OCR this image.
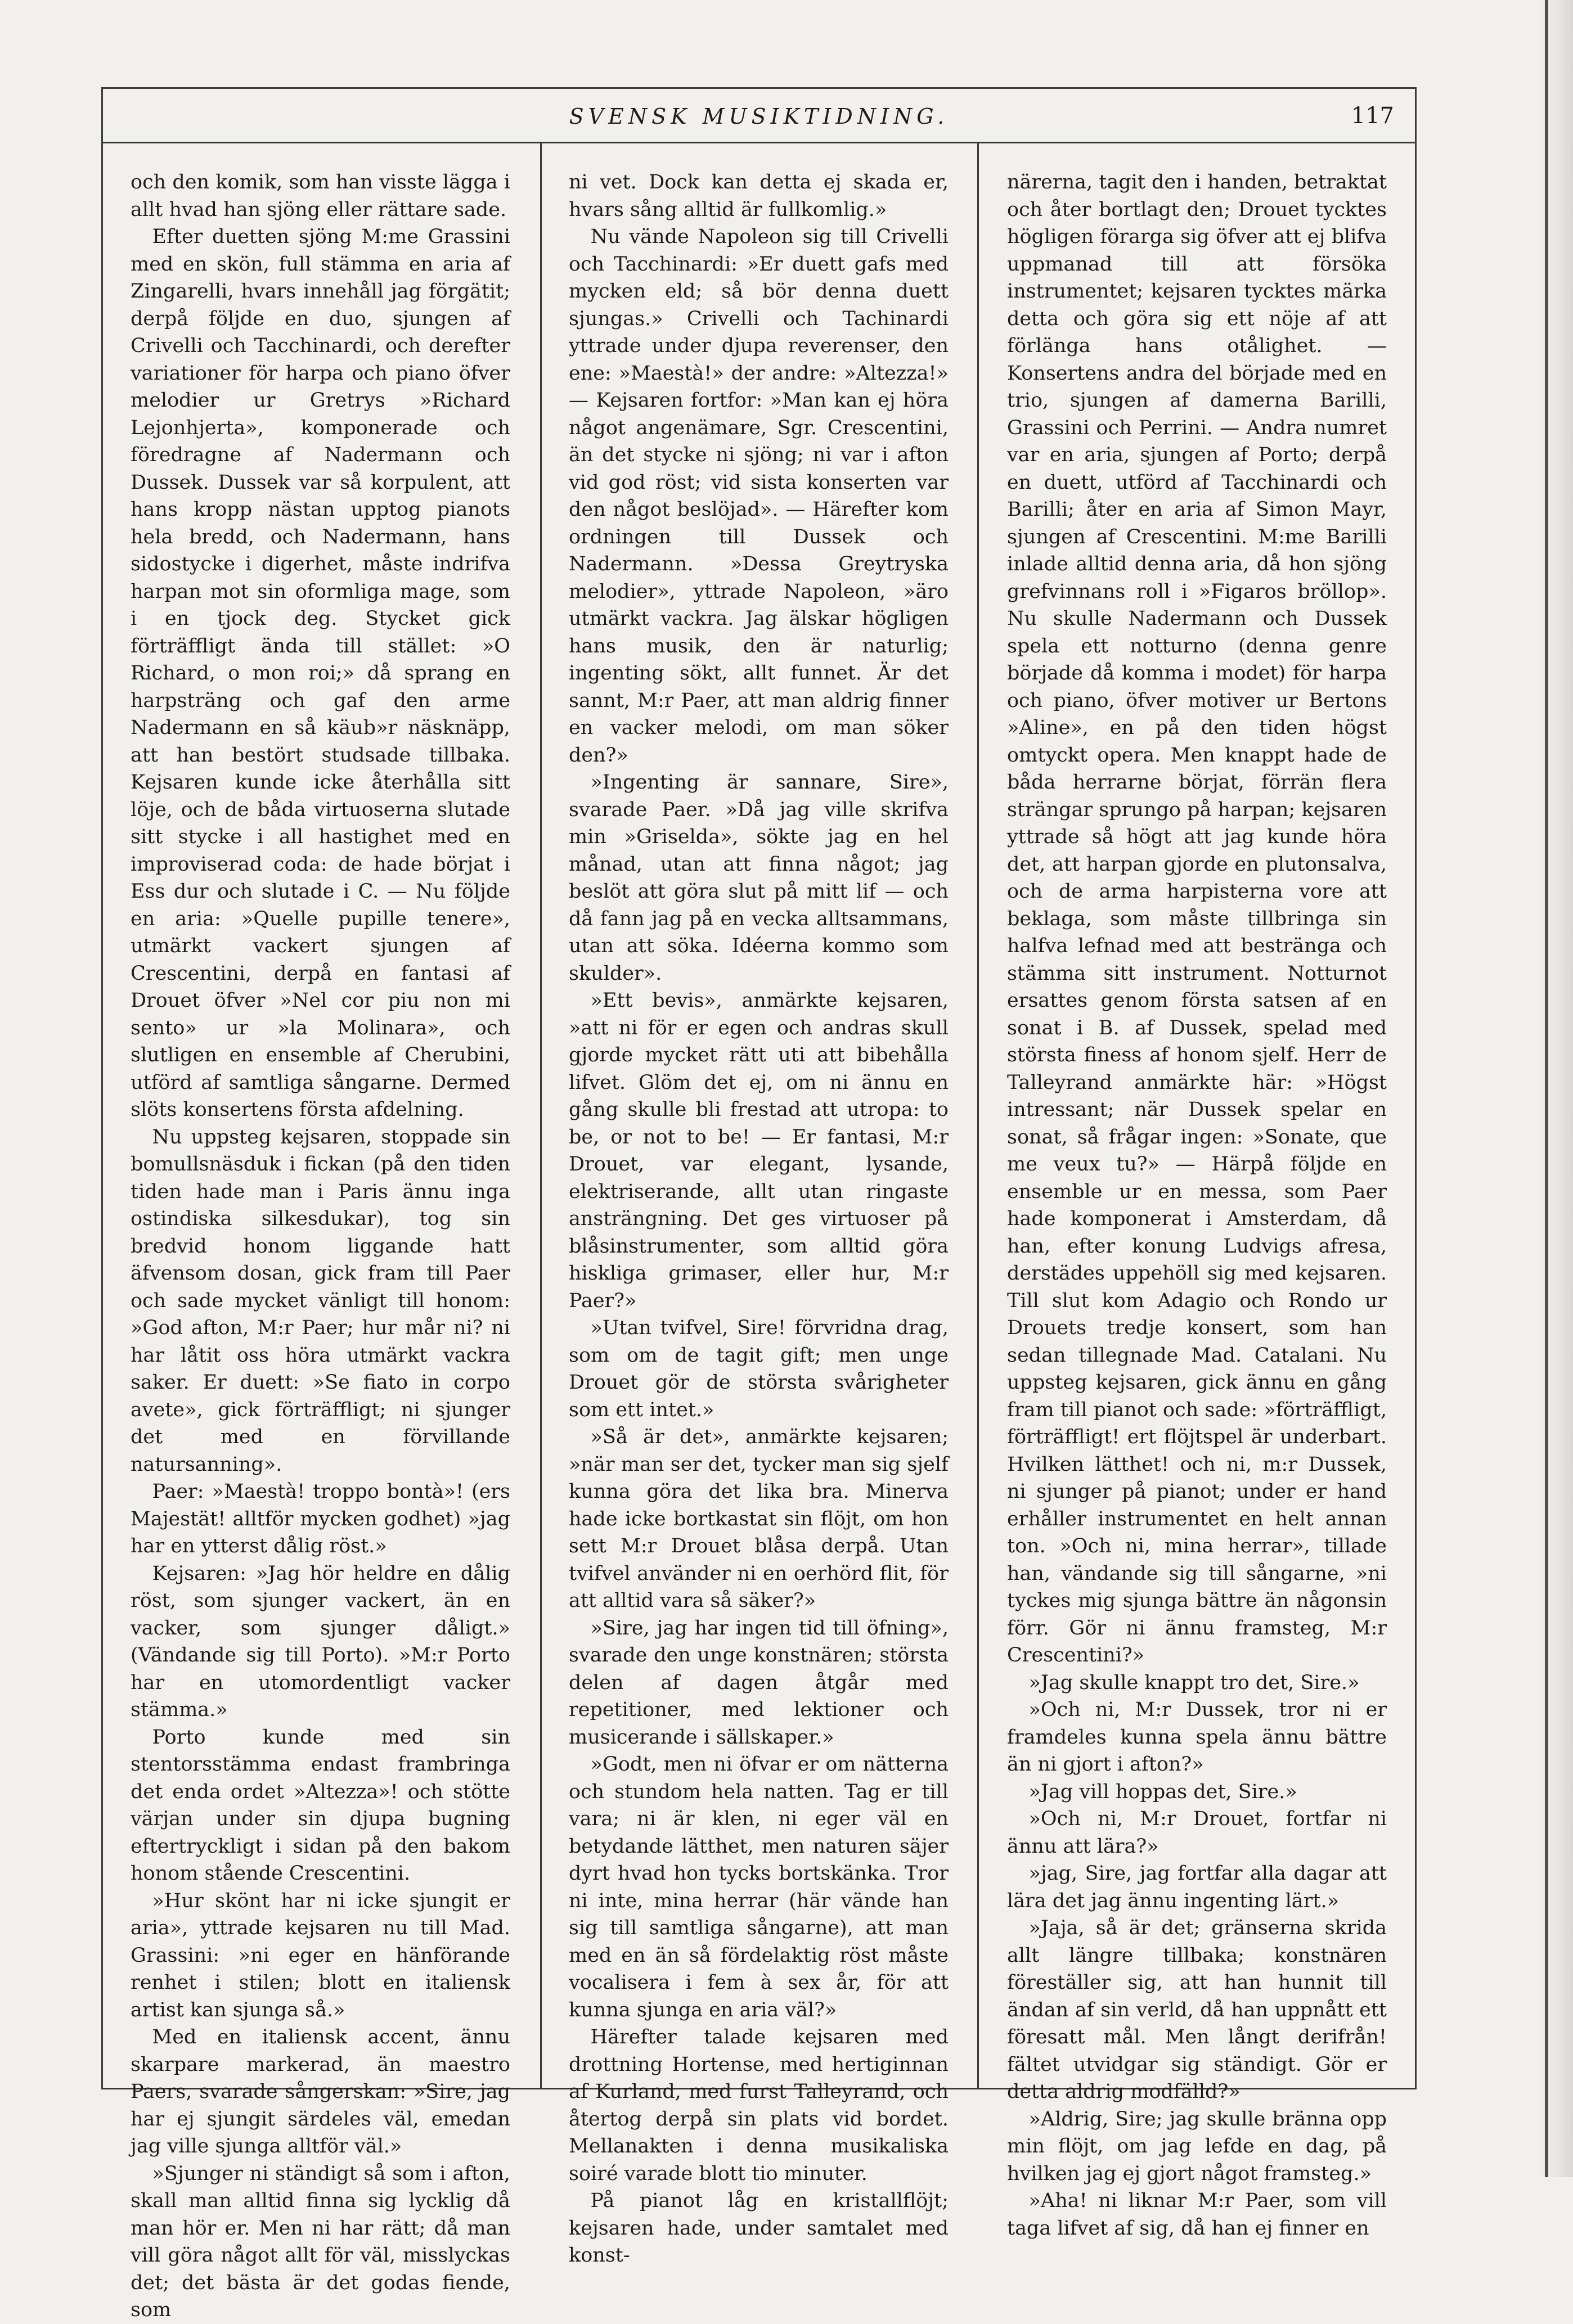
SVENSK MUSIKTIDNING.	117

och den komik, som han visste lägga i allt hvad han sjöng eller rättare sade.

Efter duetten sjöng M:me Grassini med en skön, full stämma en aria af Zingarelli, hvars innehåll jag förgätit; derpå följde en duo, sjungen af Crivelli och Tacchinardi, och derefter variationer för harpa och piano öfver melodier ur Gretrys »Richard Lejonhjerta», komponerade och föredragne af Nadermann och Dussek. Dussek var så korpulent, att hans kropp nästan upptog pianots hela bredd, och Nadermann, hans sidostycke i digerhet, måste indrifva harpan mot sin oformliga mage, som i en tjock deg. Stycket gick förträffligt ända till stället: »O Richard, o mon roi;» då sprang en harpsträng och gaf den arme Nadermann en så käub»r näsknäpp, att han bestört studsade tillbaka. Kejsaren kunde icke återhålla sitt löje, och de båda virtuoserna slutade sitt stycke i all hastighet med en improviserad coda: de hade börjat i Ess dur och slutade i C. — Nu följde en aria: »Quelle pupille tenere», utmärkt vackert sjungen af Crescentini, derpå en fantasi af Drouet öfver »Nel cor piu non mi sento» ur »la Molinara», och slutligen en ensemble af Cherubini, utförd af samtliga sångarne. Dermed slöts konsertens första afdelning.

Nu uppsteg kejsaren, stoppade sin bomullsnäsduk i fickan (på den tiden tiden hade man i Paris ännu inga ostindiska silkesdukar), tog sin bredvid honom liggande hatt äfvensom dosan, gick fram till Paer och sade mycket vänligt till honom: »God afton, M:r Paer; hur mår ni? ni har låtit oss höra utmärkt vackra saker. Er duett: »Se fiato in corpo avete», gick förträffligt; ni sjunger det med en förvillande natursanning».

Paer: »Maestà! troppo bontà»! (ers Majestät! alltför mycken godhet) »jag har en ytterst dålig röst.»

Kejsaren: »Jag hör heldre en dålig röst, som sjunger vackert, än en vacker, som sjunger dåligt.» (Vändande sig till Porto). »M:r Porto har en utomordentligt vacker stämma.»

Porto kunde med sin stentorsstämma endast frambringa det enda ordet »Altezza»! och stötte värjan under sin djupa bugning eftertryckligt i sidan på den bakom honom stående Crescentini.

»Hur skönt har ni icke sjungit er aria», yttrade kejsaren nu till Mad. Grassini: »ni eger en hänförande renhet i stilen; blott en italiensk artist kan sjunga så.»

Med en italiensk accent, ännu skarpare markerad, än maestro Paers, svarade sångerskan: »Sire, jag har ej sjungit särdeles väl, emedan jag ville sjunga alltför väl.»

»Sjunger ni ständigt så som i afton, skall man alltid finna sig lycklig då man hör er. Men ni har rätt; då man vill göra något allt för väl, misslyckas det; det bästa är det godas fiende, som

ni vet. Dock kan detta ej skada er, hvars sång alltid är fullkomlig.»

Nu vände Napoleon sig till Crivelli och Tacchinardi: »Er duett gafs med mycken eld; så bör denna duett sjungas.» Crivelli och Tachinardi yttrade under djupa reverenser, den ene: »Maestà!» der andre: »Altezza!» — Kejsaren fortfor: »Man kan ej höra något angenämare, Sgr. Crescentini, än det stycke ni sjöng; ni var i afton vid god röst; vid sista konserten var den något beslöjad». — Härefter kom ordningen till Dussek och Nadermann. »Dessa Greytryska melodier», yttrade Napoleon, »äro utmärkt vackra. Jag älskar högligen hans musik, den är naturlig; ingenting sökt, allt funnet. Är det sannt, M:r Paer, att man aldrig finner en vacker melodi, om man söker den?»

»Ingenting är sannare, Sire», svarade Paer. »Då jag ville skrifva min »Griselda», sökte jag en hel månad, utan att finna något; jag beslöt att göra slut på mitt lif — och då fann jag på en vecka alltsammans, utan att söka. Idéerna kommo som skulder».

»Ett bevis», anmärkte kejsaren, »att ni för er egen och andras skull gjorde mycket rätt uti att bibehålla lifvet. Glöm det ej, om ni ännu en gång skulle bli frestad att utropa: to be, or not to be! — Er fantasi, M:r Drouet, var elegant, lysande, elektriserande, allt utan ringaste ansträngning. Det ges virtuoser på blåsinstrumenter, som alltid göra hiskliga grimaser, eller hur, M:r Paer?»

»Utan tvifvel, Sire! förvridna drag, som om de tagit gift; men unge Drouet gör de största svårigheter som ett intet.»

»Så är det», anmärkte kejsaren; »när man ser det, tycker man sig sjelf kunna göra det lika bra. Minerva hade icke bortkastat sin flöjt, om hon sett M:r Drouet blåsa derpå. Utan tvifvel använder ni en oerhörd flit, för att alltid vara så säker?»

»Sire, jag har ingen tid till öfning», svarade den unge konstnären; största delen af dagen åtgår med repetitioner, med lektioner och musicerande i sällskaper.»

»Godt, men ni öfvar er om nätterna och stundom hela natten. Tag er till vara; ni är klen, ni eger väl en betydande lätthet, men naturen säjer dyrt hvad hon tycks bortskänka. Tror ni inte, mina herrar (här vände han sig till samtliga sångarne), att man med en än så fördelaktig röst måste vocalisera i fem à sex år, för att kunna sjunga en aria väl?»

Härefter talade kejsaren med drottning Hortense, med hertiginnan af Kurland, med furst Talleyrand, och återtog derpå sin plats vid bordet. Mellanakten i denna musikaliska soiré varade blott tio minuter.

På pianot låg en kristallflöjt; kejsaren hade, under samtalet med konst-

närerna, tagit den i handen, betraktat och åter bortlagt den; Drouet tycktes högligen förarga sig öfver att ej blifva uppmanad till att försöka instrumentet; kejsaren tycktes märka detta och göra sig ett nöje af att förlänga hans otålighet. — Konsertens andra del började med en trio, sjungen af damerna Barilli, Grassini och Perrini. — Andra numret var en aria, sjungen af Porto; derpå en duett, utförd af Tacchinardi och Barilli; åter en aria af Simon Mayr, sjungen af Crescentini. M:me Barilli inlade alltid denna aria, då hon sjöng grefvinnans roll i »Figaros bröllop». Nu skulle Nadermann och Dussek spela ett notturno (denna genre började då komma i modet) för harpa och piano, öfver motiver ur Bertons »Aline», en på den tiden högst omtyckt opera. Men knappt hade de båda herrarne börjat, förrän flera strängar sprungo på harpan; kejsaren yttrade så högt att jag kunde höra det, att harpan gjorde en plutonsalva, och de arma harpisterna vore att beklaga, som måste tillbringa sin halfva lefnad med att bestränga och stämma sitt instrument. Notturnot ersattes genom första satsen af en sonat i B. af Dussek, spelad med största finess af honom sjelf. Herr de Talleyrand anmärkte här: »Högst intressant; när Dussek spelar en sonat, så frågar ingen: »Sonate, que me veux tu?» — Härpå följde en ensemble ur en messa, som Paer hade komponerat i Amsterdam, då han, efter konung Ludvigs afresa, derstädes uppehöll sig med kejsaren. Till slut kom Adagio och Rondo ur Drouets tredje konsert, som han sedan tillegnade Mad. Catalani. Nu uppsteg kejsaren, gick ännu en gång fram till pianot och sade: »förträffligt, förträffligt! ert flöjtspel är underbart. Hvilken lätthet! och ni, m:r Dussek, ni sjunger på pianot; under er hand erhåller instrumentet en helt annan ton. »Och ni, mina herrar», tillade han, vändande sig till sångarne, »ni tyckes mig sjunga bättre än någonsin förr. Gör ni ännu framsteg, M:r Crescentini?»

»Jag skulle knappt tro det, Sire.»

»Och ni, M:r Dussek, tror ni er framdeles kunna spela ännu bättre än ni gjort i afton?»

»Jag vill hoppas det, Sire.»

»Och ni, M:r Drouet, fortfar ni ännu att lära?»

»jag, Sire, jag fortfar alla dagar att lära det jag ännu ingenting lärt.»

»Jaja, så är det; gränserna skrida allt längre tillbaka; konstnären föreställer sig, att han hunnit till ändan af sin verld, då han uppnått ett föresatt mål. Men långt derifrån! fältet utvidgar sig ständigt. Gör er detta aldrig modfälld?»

»Aldrig, Sire; jag skulle bränna opp min flöjt, om jag lefde en dag, på hvilken jag ej gjort något framsteg.»

»Aha! ni liknar M:r Paer, som vill taga lifvet af sig, då han ej finner en
